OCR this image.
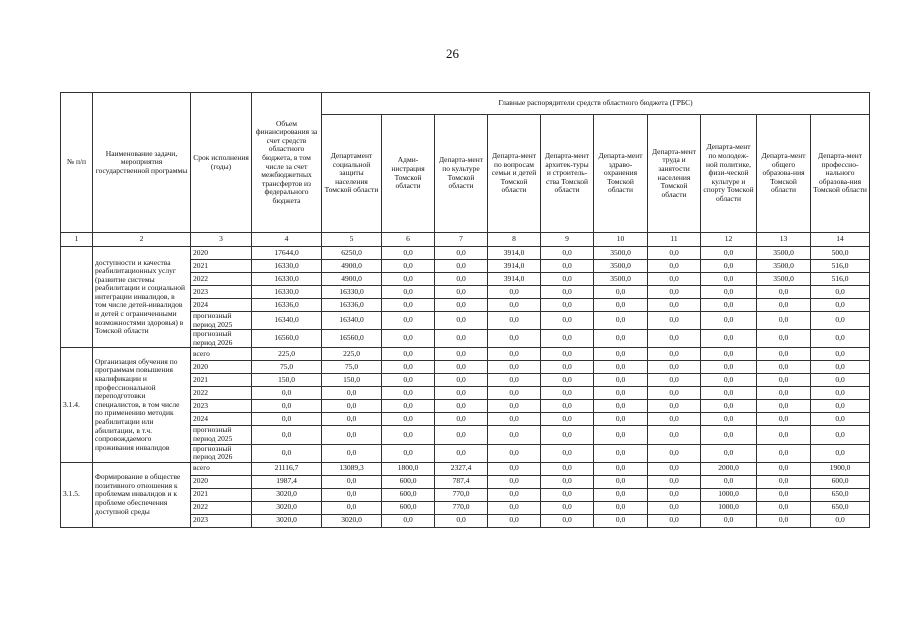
26
№ п/п	Наименование задачи, мероприятия государственной программы	Срок исполнения (годы)	Объем финансирования за счет средств областного бюджета, в том числе за счет межбюджетных трансфертов из федерального бюджета	Главные распорядители средств областного бюджета (ГРБС)									
				Департамент социальной защиты населения Томской области	Адми-нистрация Томской области	Департа-мент по культуре Томской области	Департа-мент по вопросам семьи и детей Томской области	Департа-мент архитек-туры и строитель-ства Томской области	Департа-мент здраво-охранения Томской области	Департа-мент труда и занятости населения Томской области	Департа-мент по молодеж-ной политике, физи-ческой культуре и спорту Томской области	Департа-мент общего образова-ния Томской области	Департа-мент профессио-нального образова-ния Томской области
1	2	3	4	5	6	7	8	9	10	11	12	13	14
	доступности и качества реабилитационных услуг (развитие системы реабилитации и социальной интеграции инвалидов, в том числе детей-инвалидов и детей с ограниченными возможностями здоровья) в Томской области	2020	17644,0	6250,0	0,0	0,0	3914,0	0,0	3500,0	0,0	0,0	3500,0	500,0
		2021	16330,0	4900,0	0,0	0,0	3914,0	0,0	3500,0	0,0	0,0	3500,0	516,0
		2022	16330,0	4900,0	0,0	0,0	3914,0	0,0	3500,0	0,0	0,0	3500,0	516,0
		2023	16330,0	16330,0	0,0	0,0	0,0	0,0	0,0	0,0	0,0	0,0	0,0
		2024	16336,0	16336,0	0,0	0,0	0,0	0,0	0,0	0,0	0,0	0,0	0,0
		прогнозный период 2025	16340,0	16340,0	0,0	0,0	0,0	0,0	0,0	0,0	0,0	0,0	0,0
		прогнозный период 2026	16560,0	16560,0	0,0	0,0	0,0	0,0	0,0	0,0	0,0	0,0	0,0
3.1.4.	Организация обучения по программам повышения квалификации и профессиональной переподготовки специалистов, в том числе по применению методик реабилитации или абилитации, в т.ч. сопровождаемого проживания инвалидов	всего	225,0	225,0	0,0	0,0	0,0	0,0	0,0	0,0	0,0	0,0	0,0
		2020	75,0	75,0	0,0	0,0	0,0	0,0	0,0	0,0	0,0	0,0	0,0
		2021	150,0	150,0	0,0	0,0	0,0	0,0	0,0	0,0	0,0	0,0	0,0
		2022	0,0	0,0	0,0	0,0	0,0	0,0	0,0	0,0	0,0	0,0	0,0
		2023	0,0	0,0	0,0	0,0	0,0	0,0	0,0	0,0	0,0	0,0	0,0
		2024	0,0	0,0	0,0	0,0	0,0	0,0	0,0	0,0	0,0	0,0	0,0
		прогнозный период 2025	0,0	0,0	0,0	0,0	0,0	0,0	0,0	0,0	0,0	0,0	0,0
		прогнозный период 2026	0,0	0,0	0,0	0,0	0,0	0,0	0,0	0,0	0,0	0,0	0,0
3.1.5.	Формирование в обществе позитивного отношения к проблемам инвалидов и к проблеме обеспечения доступной среды	всего	21116,7	13089,3	1800,0	2327,4	0,0	0,0	0,0	0,0	2000,0	0,0	1900,0
		2020	1987,4	0,0	600,0	787,4	0,0	0,0	0,0	0,0	0,0	0,0	600,0
		2021	3020,0	0,0	600,0	770,0	0,0	0,0	0,0	0,0	1000,0	0,0	650,0
		2022	3020,0	0,0	600,0	770,0	0,0	0,0	0,0	0,0	1000,0	0,0	650,0
		2023	3020,0	3020,0	0,0	0,0	0,0	0,0	0,0	0,0	0,0	0,0	0,0
